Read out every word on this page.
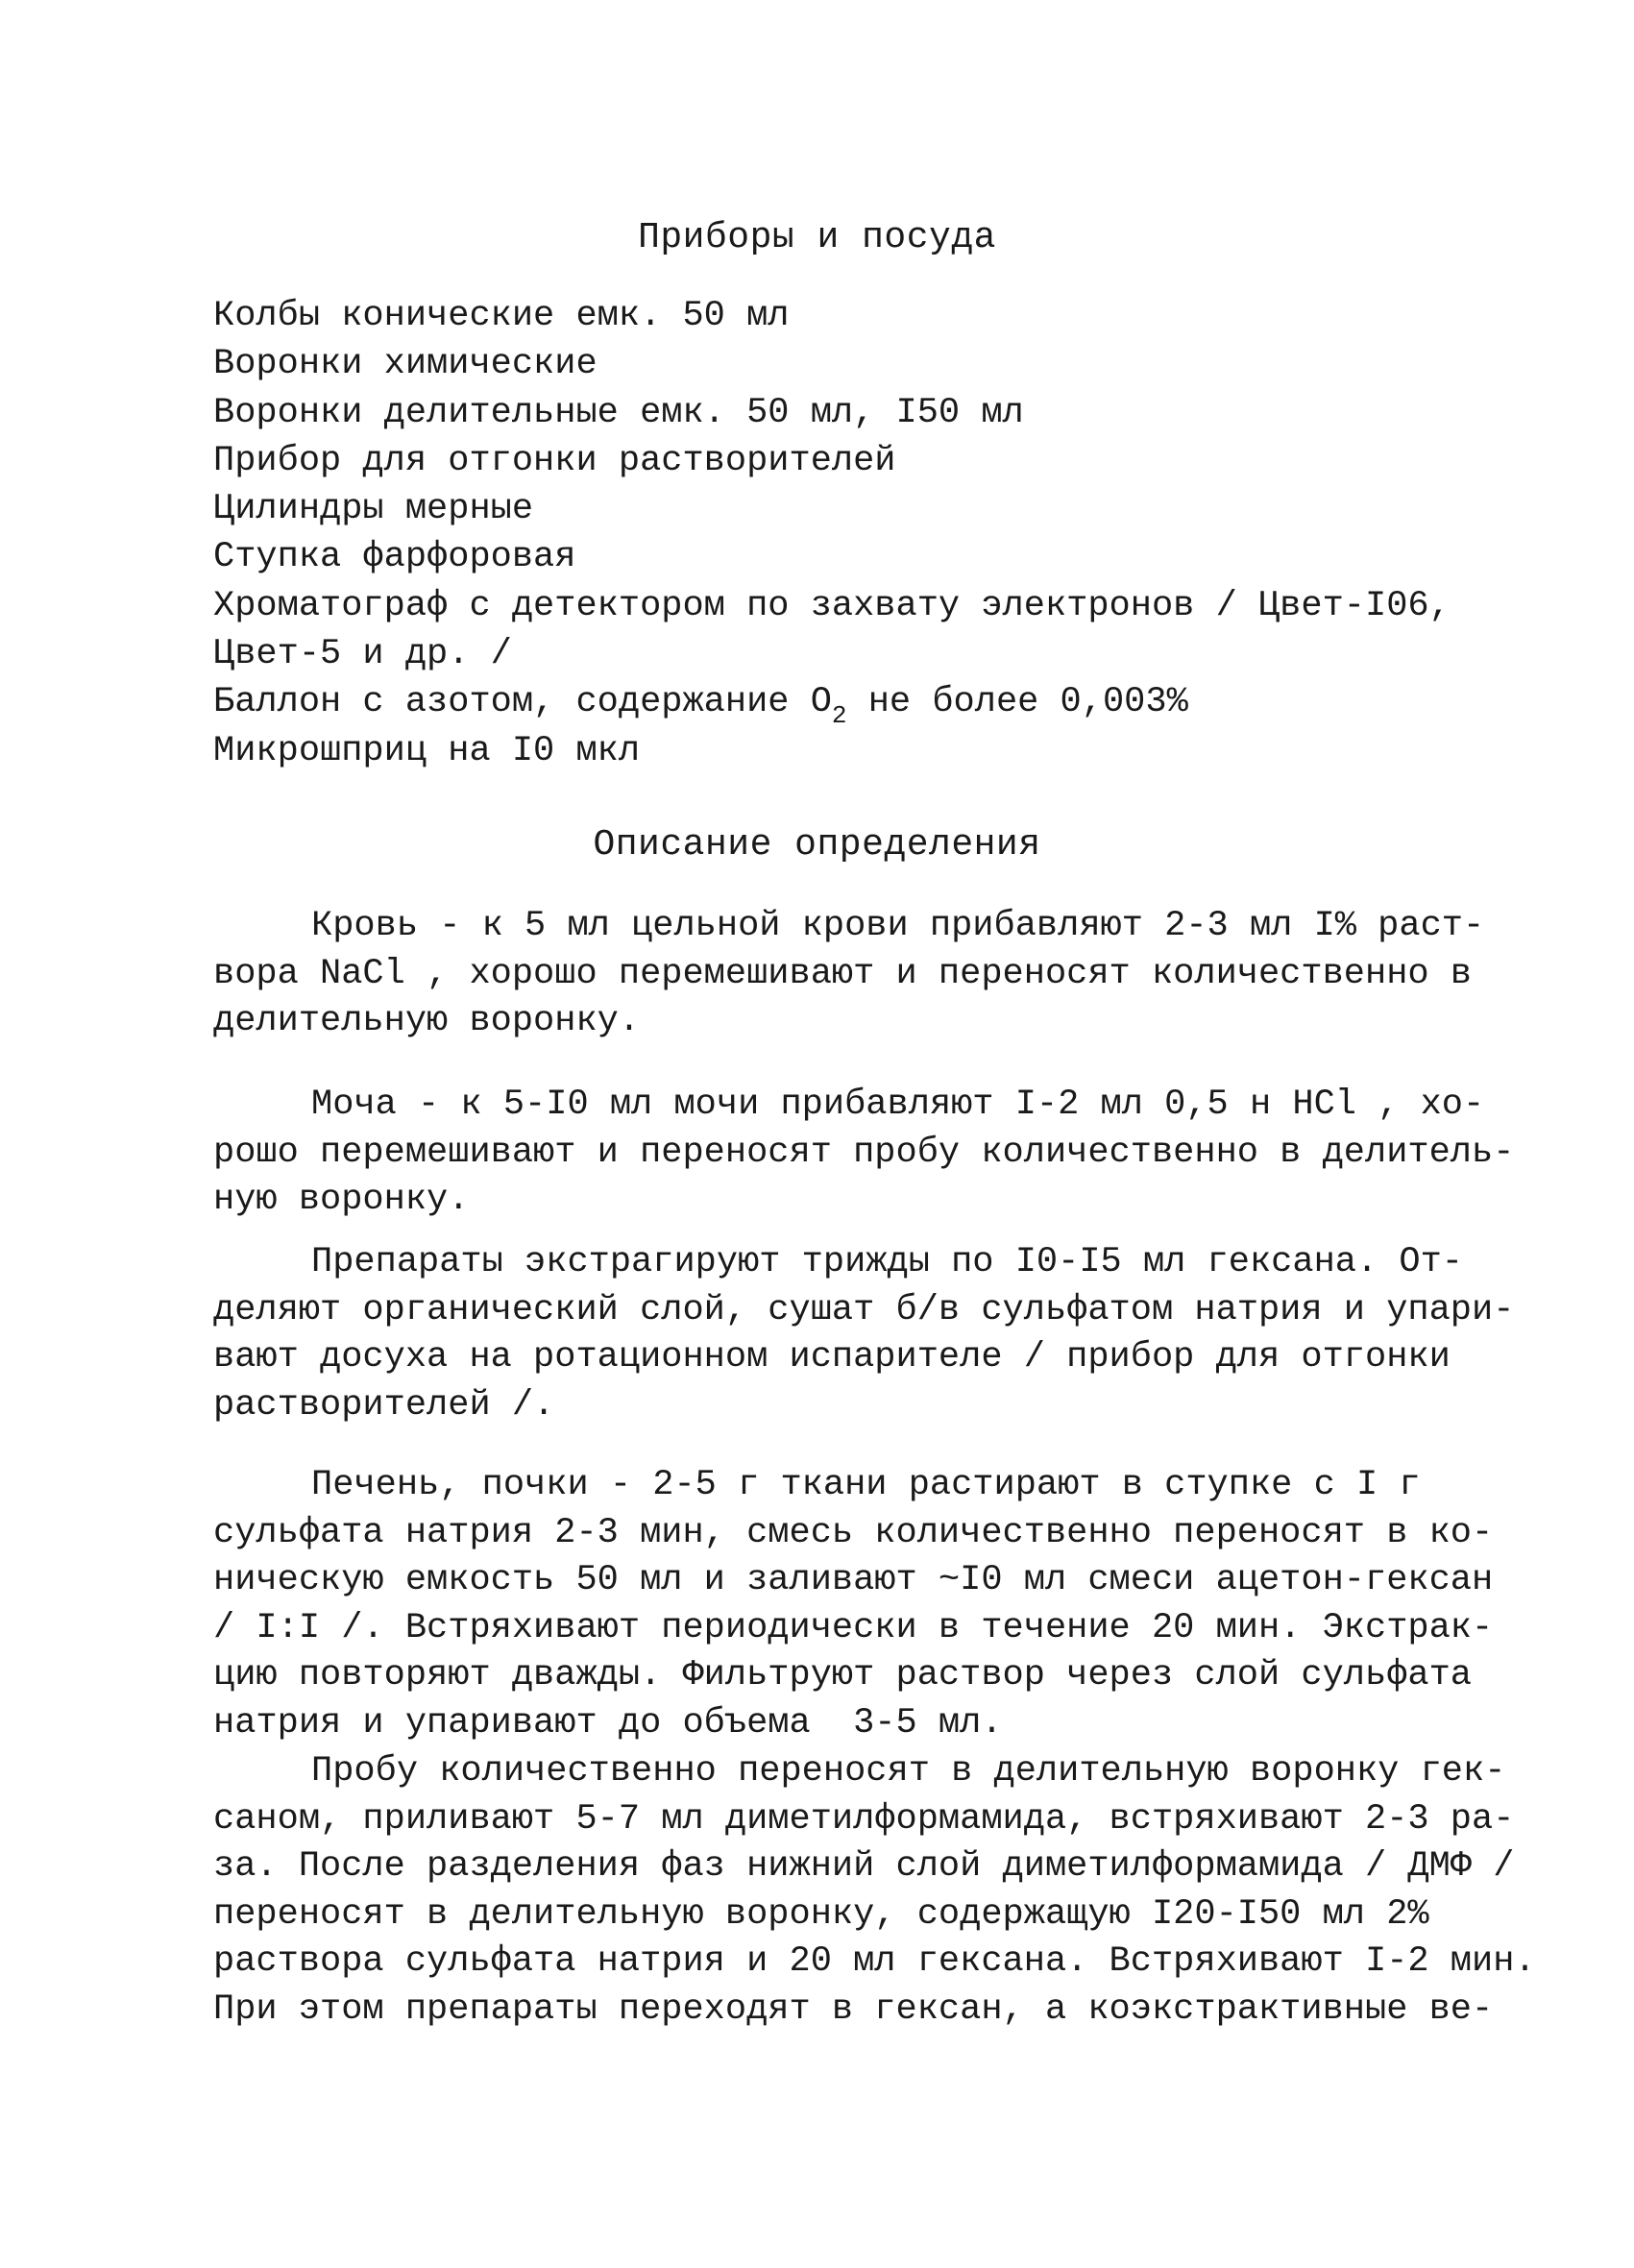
Приборы и посуда
Колбы конические емк. 50 мл
Воронки химические
Воронки делительные емк. 50 мл, I50 мл
Прибор для отгонки растворителей
Цилиндры мерные
Ступка фарфоровая
Хроматограф с детектором по захвату электронов / Цвет-I06,
Цвет-5 и др. /
Баллон с азотом, содержание $O_2$ не более 0,003%
Микрошприц на I0 мкл
Описание определения
Кровь - к 5 мл цельной крови прибавляют 2-3 мл I% раст-
вора NaCl , хорошо перемешивают и переносят количественно в
делительную воронку.
Моча - к 5-I0 мл мочи прибавляют I-2 мл 0,5 н HCl , хо-
рошо перемешивают и переносят пробу количественно в делитель-
ную воронку.
Препараты экстрагируют трижды по I0-I5 мл гексана. От-
деляют органический слой, сушат б/в сульфатом натрия и упари-
вают досуха на ротационном испарителе / прибор для отгонки
растворителей /.
Печень, почки - 2-5 г ткани растирают в ступке с I г
сульфата натрия 2-3 мин, смесь количественно переносят в ко-
ническую емкость 50 мл и заливают ~I0 мл смеси ацетон-гексан
/ I:I /. Встряхивают периодически в течение 20 мин. Экстрак-
цию повторяют дважды. Фильтруют раствор через слой сульфата
натрия и упаривают до объема  3-5 мл.
Пробу количественно переносят в делительную воронку гек-
саном, приливают 5-7 мл диметилформамида, встряхивают 2-3 ра-
за. После разделения фаз нижний слой диметилформамида / ДМФ /
переносят в делительную воронку, содержащую I20-I50 мл 2%
раствора сульфата натрия и 20 мл гексана. Встряхивают I-2 мин.
При этом препараты переходят в гексан, а коэкстрактивные ве-
